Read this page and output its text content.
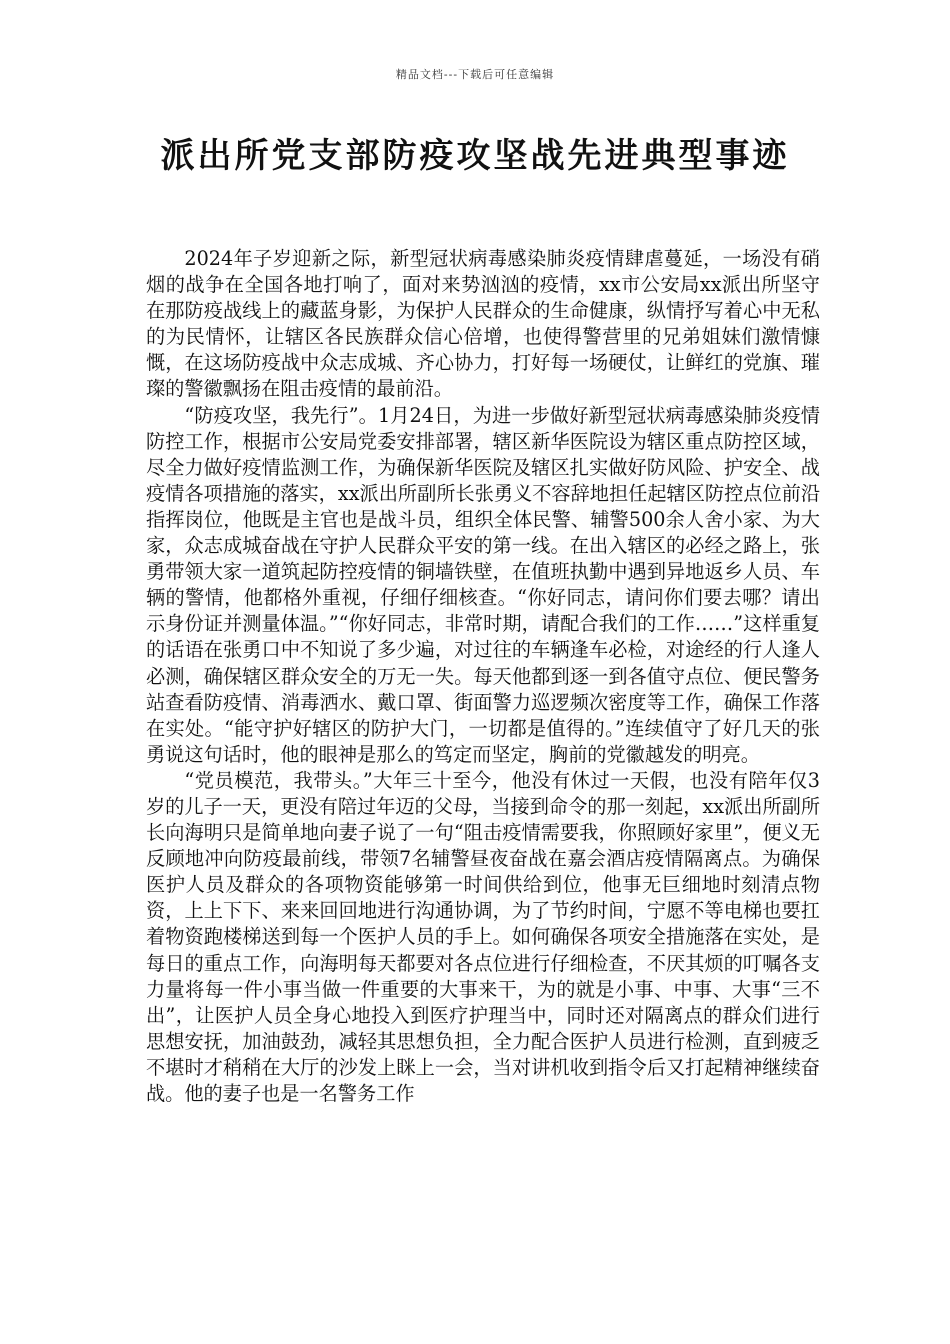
精品文档---下载后可任意编辑
派出所党支部防疫攻坚战先进典型事迹

2024年子岁迎新之际，新型冠状病毒感染肺炎疫情肆虐蔓延，一场没有硝烟的战争在全国各地打响了，面对来势汹汹的疫情，xx市公安局xx派出所坚守在那防疫战线上的藏蓝身影，为保护人民群众的生命健康，纵情抒写着心中无私的为民情怀，让辖区各民族群众信心倍增，也使得警营里的兄弟姐妹们激情慷慨，在这场防疫战中众志成城、齐心协力，打好每一场硬仗，让鲜红的党旗、璀璨的警徽飘扬在阻击疫情的最前沿。

“防疫攻坚，我先行”。1月24日，为进一步做好新型冠状病毒感染肺炎疫情防控工作，根据市公安局党委安排部署，辖区新华医院设为辖区重点防控区域，尽全力做好疫情监测工作，为确保新华医院及辖区扎实做好防风险、护安全、战疫情各项措施的落实，xx派出所副所长张勇义不容辞地担任起辖区防控点位前沿指挥岗位，他既是主官也是战斗员，组织全体民警、辅警500余人舍小家、为大家，众志成城奋战在守护人民群众平安的第一线。在出入辖区的必经之路上，张勇带领大家一道筑起防控疫情的铜墙铁壁，在值班执勤中遇到异地返乡人员、车辆的警情，他都格外重视，仔细仔细核查。“你好同志，请问你们要去哪？请出示身份证并测量体温。”“你好同志，非常时期，请配合我们的工作……”这样重复的话语在张勇口中不知说了多少遍，对过往的车辆逢车必检，对途经的行人逢人必测，确保辖区群众安全的万无一失。每天他都到逐一到各值守点位、便民警务站查看防疫情、消毒洒水、戴口罩、街面警力巡逻频次密度等工作，确保工作落在实处。“能守护好辖区的防护大门，一切都是值得的。”连续值守了好几天的张勇说这句话时，他的眼神是那么的笃定而坚定，胸前的党徽越发的明亮。

“党员模范，我带头。”大年三十至今，他没有休过一天假，也没有陪年仅3岁的儿子一天，更没有陪过年迈的父母，当接到命令的那一刻起，xx派出所副所长向海明只是简单地向妻子说了一句“阻击疫情需要我，你照顾好家里”，便义无反顾地冲向防疫最前线，带领7名辅警昼夜奋战在嘉会酒店疫情隔离点。为确保医护人员及群众的各项物资能够第一时间供给到位，他事无巨细地时刻清点物资，上上下下、来来回回地进行沟通协调，为了节约时间，宁愿不等电梯也要扛着物资跑楼梯送到每一个医护人员的手上。如何确保各项安全措施落在实处，是每日的重点工作，向海明每天都要对各点位进行仔细检查，不厌其烦的叮嘱各支力量将每一件小事当做一件重要的大事来干，为的就是小事、中事、大事“三不出”，让医护人员全身心地投入到医疗护理当中，同时还对隔离点的群众们进行思想安抚，加油鼓劲，减轻其思想负担，全力配合医护人员进行检测，直到疲乏不堪时才稍稍在大厅的沙发上眯上一会，当对讲机收到指令后又打起精神继续奋战。他的妻子也是一名警务工作
